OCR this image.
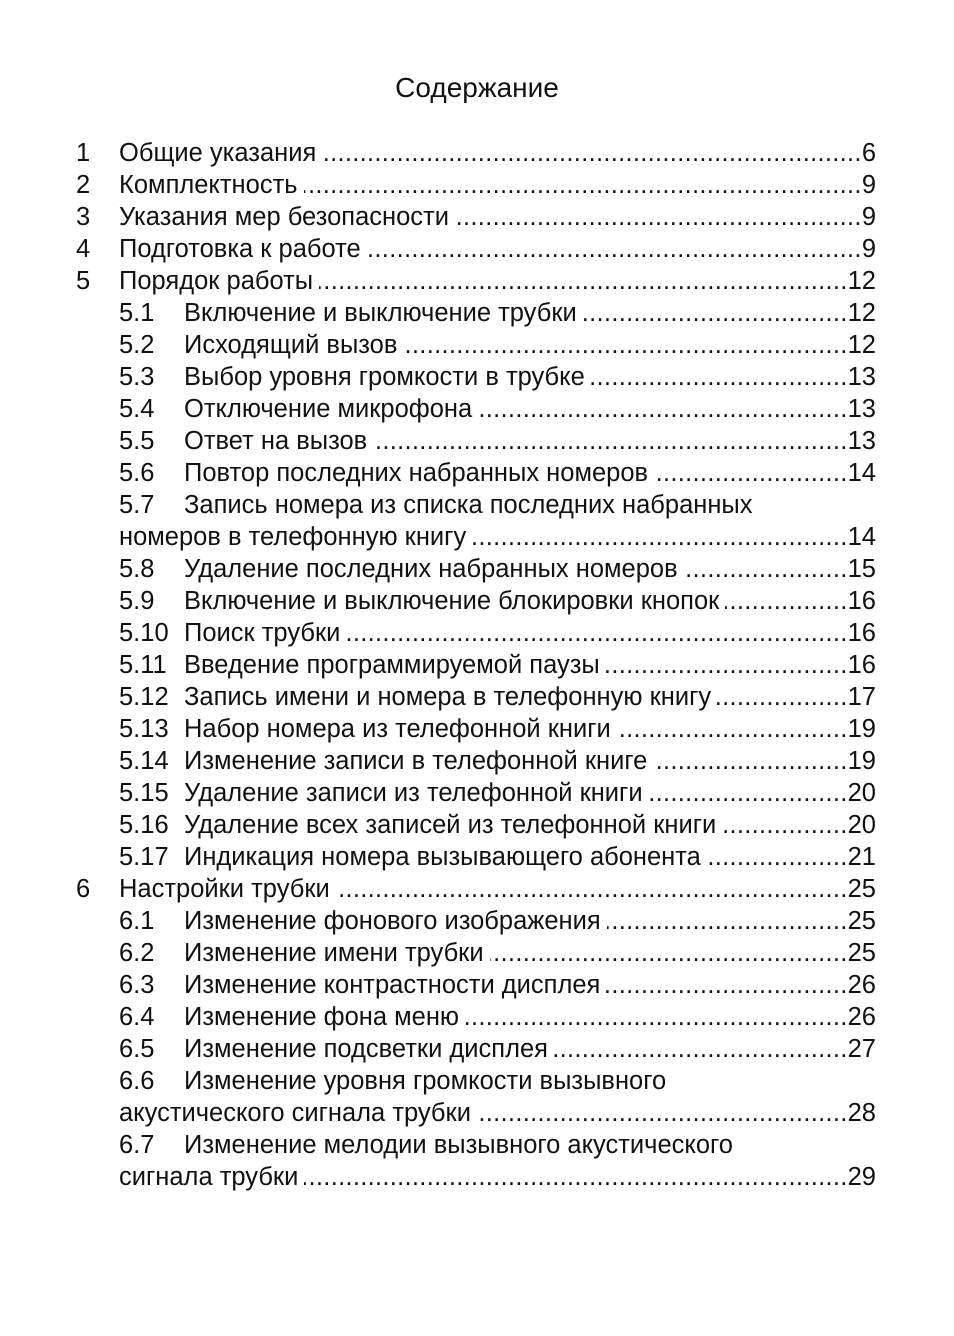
Содержание
1 Общие указания .....	6
2 Комплектность .....	9
3 Указания мер безопасности .....	9
4 Подготовка к работе .....	9
5 Порядок работы .....	12
5.1 Включение и выключение трубки .....	12
5.2 Исходящий вызов .....	12
5.3 Выбор уровня громкости в трубке .....	13
5.4 Отключение микрофона .....	13
5.5 Ответ на вызов .....	13
5.6 Повтор последних набранных номеров .....	14
5.7 Запись номера из списка последних набранных
номеров в телефонную книгу .....	14
5.8 Удаление последних набранных номеров .....	15
5.9 Включение и выключение блокировки кнопок .....	16
5.10 Поиск трубки .....	16
5.11 Введение программируемой паузы .....	16
5.12 Запись имени и номера в телефонную книгу .....	17
5.13 Набор номера из телефонной книги .....	19
5.14 Изменение записи в телефонной книге .....	19
5.15 Удаление записи из телефонной книги .....	20
5.16 Удаление всех записей из телефонной книги .....	20
5.17 Индикация номера вызывающего абонента .....	21
6 Настройки трубки .....	25
6.1 Изменение фонового изображения .....	25
6.2 Изменение имени трубки .....	25
6.3 Изменение контрастности дисплея .....	26
6.4 Изменение фона меню .....	26
6.5 Изменение подсветки дисплея .....	27
6.6 Изменение уровня громкости вызывного
акустического сигнала трубки .....	28
6.7 Изменение мелодии вызывного акустического
сигнала трубки .....	29
